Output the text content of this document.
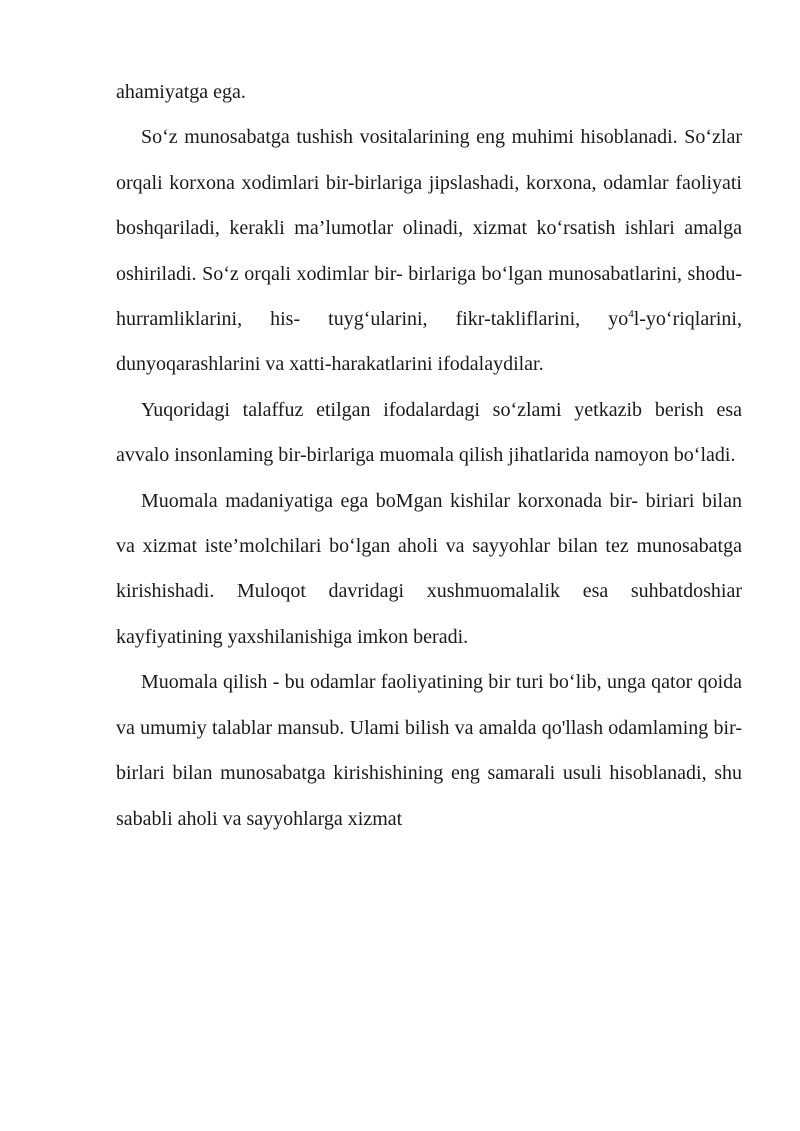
ahamiyatga ega.

So‘z munosabatga tushish vositalarining eng muhimi hisoblanadi. So‘zlar orqali korxona xodimlari bir-birlariga jipslashadi, korxona, odamlar faoliyati boshqariladi, kerakli ma’lumotlar olinadi, xizmat ko‘rsatish ishlari amalga oshiriladi. So‘z orqali xodimlar bir- birlariga bo‘lgan munosabatlarini, shodu-hurramliklarini, his- tuyg‘ularini, fikr-takliflarini, $yo^4l-yo‘riqlarini$, dunyoqarashlarini va xatti-harakatlarini ifodalaydilar.

Yuqoridagi talaffuz etilgan ifodalardagi so‘zlami yetkazib berish esa avvalo insonlaming bir-birlariga muomala qilish jihatlarida namoyon bo‘ladi.

Muomala madaniyatiga ega boMgan kishilar korxonada bir- biriari bilan va xizmat iste’molchilari bo‘lgan aholi va sayyohlar bilan tez munosabatga kirishishadi. Muloqot davridagi xushmuomalalik esa suhbatdoshiar kayfiyatining yaxshilanishiga imkon beradi.

Muomala qilish - bu odamlar faoliyatining bir turi bo‘lib, unga qator qoida va umumiy talablar mansub. Ulami bilish va amalda qo'llash odamlaming bir-birlari bilan munosabatga kirishishining eng samarali usuli hisoblanadi, shu sababli aholi va sayyohlarga xizmat
